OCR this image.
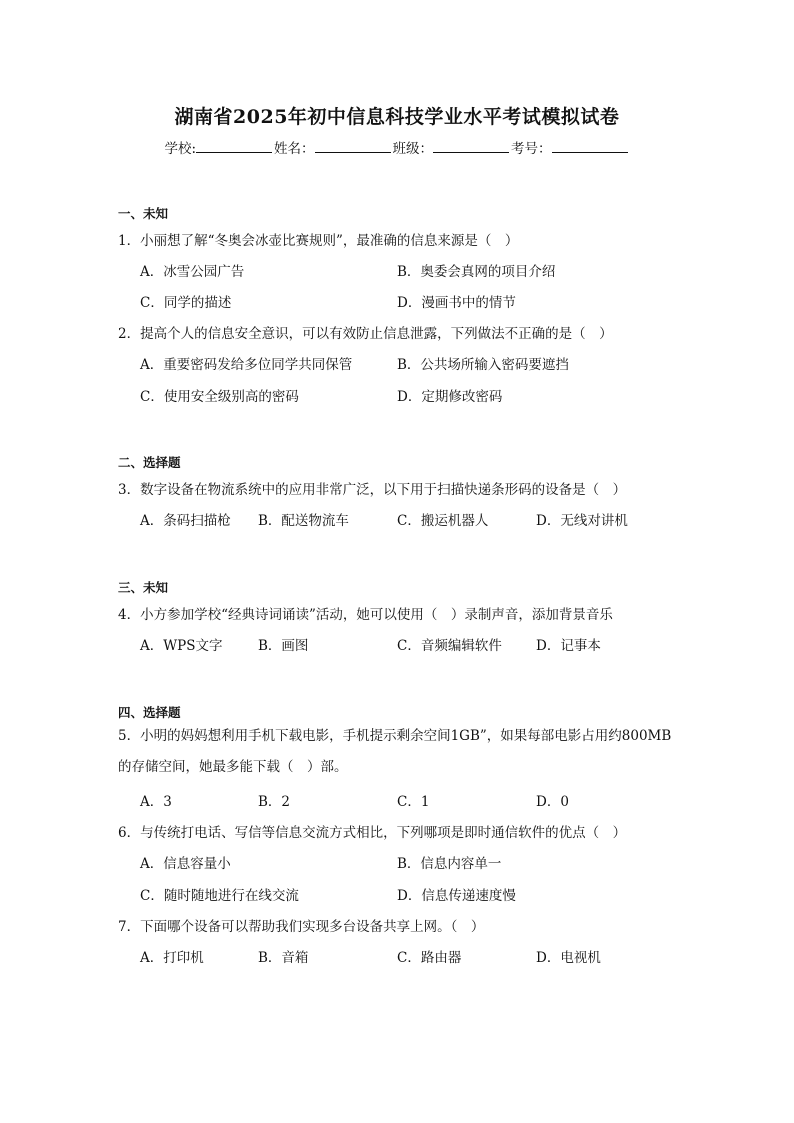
湖南省2025年初中信息科技学业水平考试模拟试卷
学校:	姓名：	班级：	考号：
一、未知
1．小丽想了解“冬奥会冰壶比赛规则”，最准确的信息来源是（　）
A．冰雪公园广告	B．奥委会真网的项目介绍
C．同学的描述	D．漫画书中的情节
2．提高个人的信息安全意识，可以有效防止信息泄露，下列做法不正确的是（　）
A．重要密码发给多位同学共同保管	B．公共场所输入密码要遮挡
C．使用安全级别高的密码	D．定期修改密码
二、选择题
3．数字设备在物流系统中的应用非常广泛，以下用于扫描快递条形码的设备是（　）
A．条码扫描枪 B．配送物流车	C．搬运机器人	D．无线对讲机
三、未知
4．小方参加学校“经典诗词诵读”活动，她可以使用（　）录制声音，添加背景音乐
A．WPS文字	B．画图	C．音频编辑软件	D．记事本
四、选择题
5．小明的妈妈想利用手机下载电影，手机提示剩余空间1GB”，如果每部电影占用约800MB的存储空间，她最多能下载（　）部。
A．3	B．2	C．1	D．0
6．与传统打电话、写信等信息交流方式相比，下列哪项是即时通信软件的优点（　）
A．信息容量小	B．信息内容单一
C．随时随地进行在线交流	D．信息传递速度慢
7．下面哪个设备可以帮助我们实现多台设备共享上网。（　）
A．打印机	B．音箱	C．路由器	D．电视机
